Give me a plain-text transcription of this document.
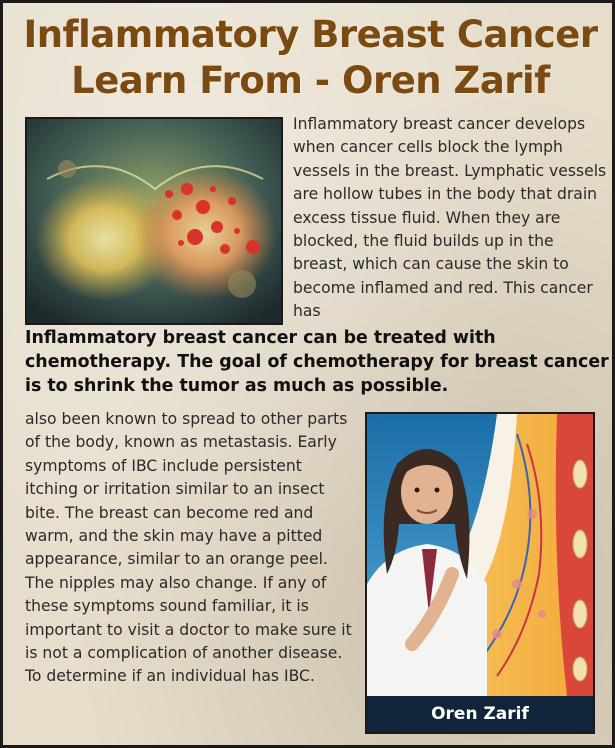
Inflammatory Breast Cancer
Learn From - Oren Zarif
Inflammatory breast cancer develops when cancer cells block the lymph vessels in the breast. Lymphatic vessels are hollow tubes in the body that drain excess tissue fluid. When they are blocked, the fluid builds up in the breast, which can cause the skin to become inflamed and red. This cancer has
Inflammatory breast cancer can be treated with chemotherapy. The goal of chemotherapy for breast cancer is to shrink the tumor as much as possible.
also been known to spread to other parts of the body, known as metastasis. Early symptoms of IBC include persistent itching or irritation similar to an insect bite. The breast can become red and warm, and the skin may have a pitted appearance, similar to an orange peel. The nipples may also change. If any of these symptoms sound familiar, it is important to visit a doctor to make sure it is not a complication of another disease. To determine if an individual has IBC.
Oren Zarif
